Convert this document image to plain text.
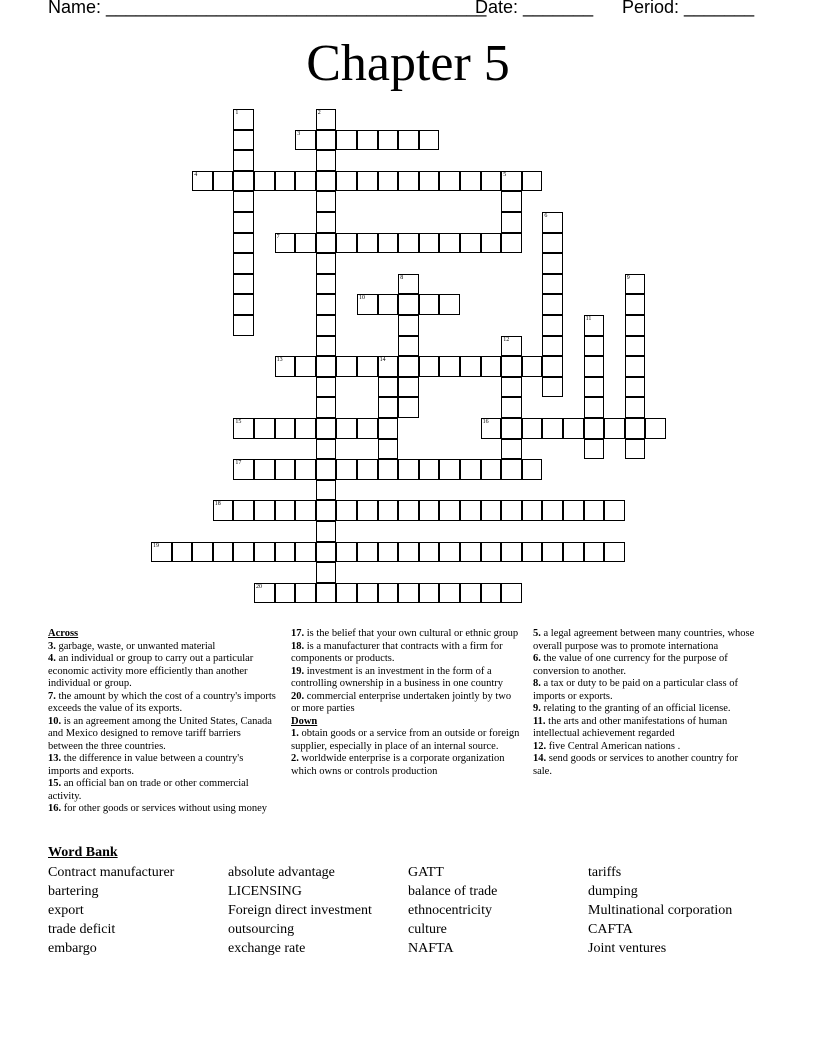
Name: ______________________________________
Date: _______ Period: _______
Chapter 5
1	2
3
4	5
6
7
8	9
10
11
12
13	14
15	16
17
18
19
20
Across
3. garbage, waste, or unwanted material
4. an individual or group to carry out a particular economic activity more efficiently than another individual or group.
7. the amount by which the cost of a country's imports exceeds the value of its exports.
10. is an agreement among the United States, Canada and Mexico designed to remove tariff barriers between the three countries.
13. the difference in value between a country's imports and exports.
15. an official ban on trade or other commercial activity.
16. for other goods or services without using money
17. is the belief that your own cultural or ethnic group
18. is a manufacturer that contracts with a firm for components or products.
19. investment is an investment in the form of a controlling ownership in a business in one country
20. commercial enterprise undertaken jointly by two or more parties
Down
1. obtain goods or a service from an outside or foreign supplier, especially in place of an internal source.
2. worldwide enterprise is a corporate organization which owns or controls production
5. a legal agreement between many countries, whose overall purpose was to promote internationa
6. the value of one currency for the purpose of conversion to another.
8. a tax or duty to be paid on a particular class of imports or exports.
9. relating to the granting of an official license.
11. the arts and other manifestations of human intellectual achievement regarded
12. five Central American nations .
14. send goods or services to another country for sale.
Word Bank
Contract manufacturer
bartering
export
trade deficit
embargo
absolute advantage
LICENSING
Foreign direct investment
outsourcing
exchange rate
GATT
balance of trade
ethnocentricity
culture
NAFTA
tariffs
dumping
Multinational corporation
CAFTA
Joint ventures
